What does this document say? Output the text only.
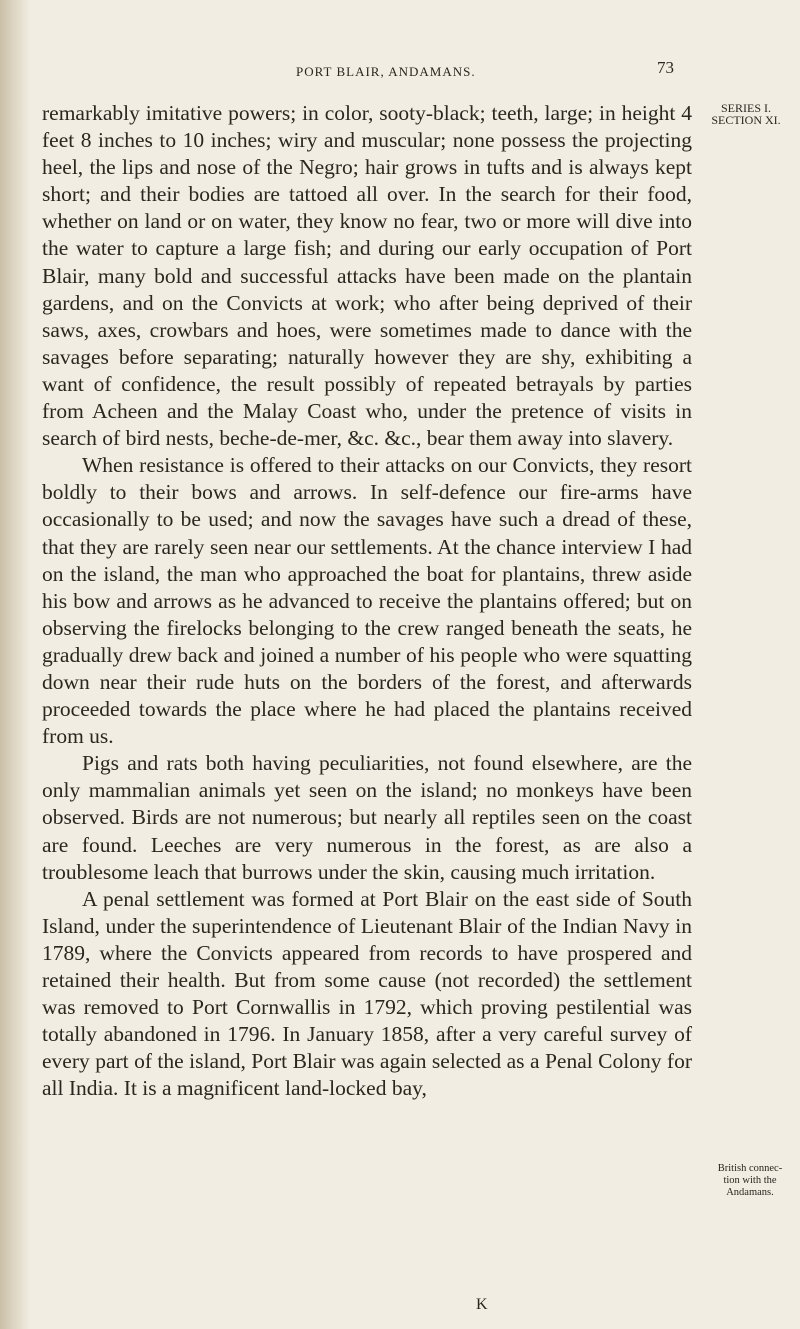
PORT BLAIR, ANDAMANS.	73
SERIES I.
SECTION XI.

remarkably imitative powers; in color, sooty-black; teeth, large; in height 4 feet 8 inches to 10 inches; wiry and muscular; none possess the projecting heel, the lips and nose of the Negro; hair grows in tufts and is always kept short; and their bodies are tattoed all over. In the search for their food, whether on land or on water, they know no fear, two or more will dive into the water to capture a large fish; and during our early occupation of Port Blair, many bold and successful attacks have been made on the plantain gardens, and on the Convicts at work; who after being deprived of their saws, axes, crowbars and hoes, were sometimes made to dance with the savages before separating; naturally however they are shy, exhibiting a want of confidence, the result possibly of repeated betrayals by parties from Acheen and the Malay Coast who, under the pretence of visits in search of bird nests, beche-de-mer, &c. &c., bear them away into slavery.

When resistance is offered to their attacks on our Convicts, they resort boldly to their bows and arrows. In self-defence our fire-arms have occasionally to be used; and now the savages have such a dread of these, that they are rarely seen near our settlements. At the chance interview I had on the island, the man who approached the boat for plantains, threw aside his bow and arrows as he advanced to receive the plantains offered; but on observing the firelocks belonging to the crew ranged beneath the seats, he gradually drew back and joined a number of his people who were squatting down near their rude huts on the borders of the forest, and afterwards proceeded towards the place where he had placed the plantains received from us.

Pigs and rats both having peculiarities, not found elsewhere, are the only mammalian animals yet seen on the island; no monkeys have been observed. Birds are not numerous; but nearly all reptiles seen on the coast are found. Leeches are very numerous in the forest, as are also a troublesome leach that burrows under the skin, causing much irritation.

A penal settlement was formed at Port Blair on the east side of South Island, under the superintendence of Lieutenant Blair of the Indian Navy in 1789, where the Convicts appeared from records to have prospered and retained their health. But from some cause (not recorded) the settlement was removed to Port Cornwallis in 1792, which proving pestilential was totally abandoned in 1796. In January 1858, after a very careful survey of every part of the island, Port Blair was again selected as a Penal Colony for all India. It is a magnificent land-locked bay,

British connec-
tion with the
Andamans.
K
